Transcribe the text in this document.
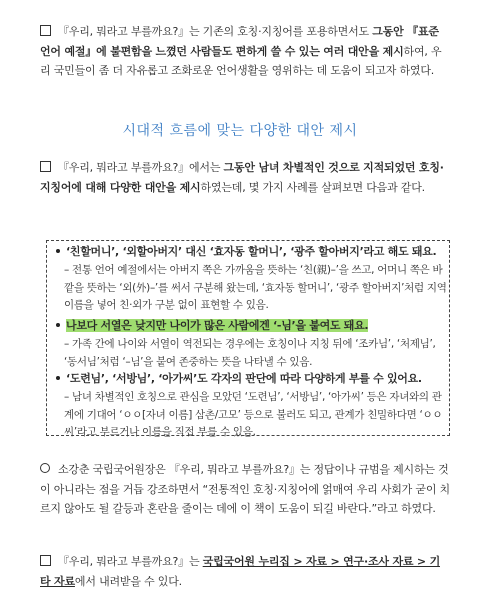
『우리, 뭐라고 부를까요?』는 기존의 호칭·지칭어를 포용하면서도 그동안 『표준 언어 예절』에 불편함을 느꼈던 사람들도 편하게 쓸 수 있는 여러 대안을 제시하여, 우리 국민들이 좀 더 자유롭고 조화로운 언어생활을 영위하는 데 도움이 되고자 하였다.
시대적 흐름에 맞는 다양한 대안 제시
『우리, 뭐라고 부를까요?』에서는 그동안 남녀 차별적인 것으로 지적되었던 호칭·지칭어에 대해 다양한 대안을 제시하였는데, 몇 가지 사례를 살펴보면 다음과 같다.
‘친할머니’, ‘외할아버지’ 대신 ‘효자동 할머니’, ‘광주 할아버지’라고 해도 돼요.
– 전통 언어 예절에서는 아버지 쪽은 가까움을 뜻하는 ‘친(親)–’을 쓰고, 어머니 쪽은 바깥을 뜻하는 ‘외(外)–’를 써서 구분해 왔는데, ‘효자동 할머니’, ‘광주 할아버지’처럼 지역 이름을 넣어 친·외가 구분 없이 표현할 수 있음.
나보다 서열은 낮지만 나이가 많은 사람에겐 ‘-님’을 붙여도 돼요.
– 가족 간에 나이와 서열이 역전되는 경우에는 호칭이나 지칭 뒤에 ‘조카님’, ‘처제님’, ‘동서님’처럼 ‘–님’을 붙여 존중하는 뜻을 나타낼 수 있음.
‘도련님’, ‘서방님’, ‘아가씨’도 각자의 판단에 따라 다양하게 부를 수 있어요.
– 남녀 차별적인 호칭으로 관심을 모았던 ‘도련님’, ‘서방님’, ‘아가씨’ 등은 자녀와의 관계에 기대어 ‘ㅇㅇ[자녀 이름] 삼촌/고모’ 등으로 불러도 되고, 관계가 친밀하다면 ‘ㅇㅇ 씨’라고 부르거나 이름을 직접 부를 수 있음.
소강춘 국립국어원장은 『우리, 뭐라고 부를까요?』는 정답이나 규범을 제시하는 것이 아니라는 점을 거듭 강조하면서 “전통적인 호칭·지칭어에 얽매여 우리 사회가 굳이 치르지 않아도 될 갈등과 혼란을 줄이는 데에 이 책이 도움이 되길 바란다.”라고 하였다.
『우리, 뭐라고 부를까요?』는 국립국어원 누리집 > 자료 > 연구·조사 자료 > 기타 자료에서 내려받을 수 있다.
